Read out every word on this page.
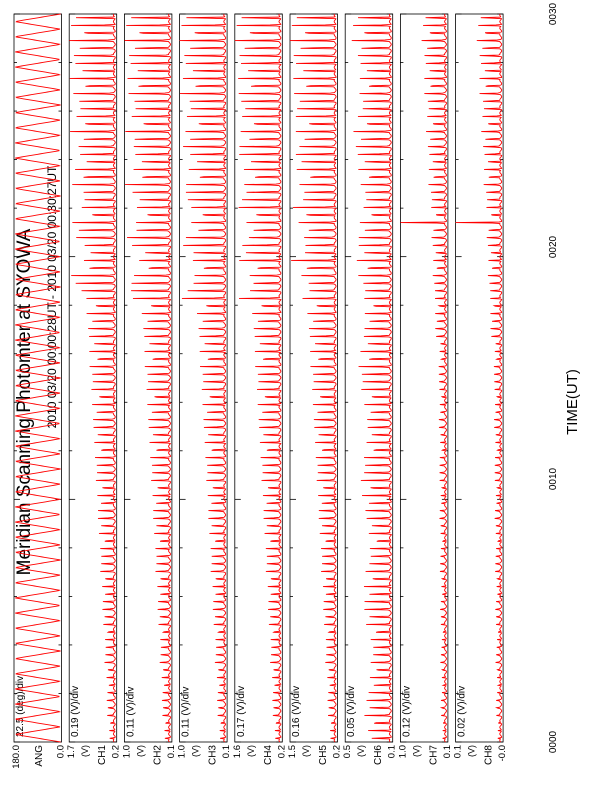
Meridian Scanning Photomter at SYOWA 2010 03/20 00:00:28UT - 2010 03/20 00:30:27UT	TIME(UT)
0000
0010
0020
0030
180.0	0.0
22.5 (deg)/div
ANG 1.7	0.2
0.19 (V)/div
(V) CH1 1.0	0.1
0.11 (V)/div
(V) CH2 1.0	0.1
0.11 (V)/div
(V) CH3 1.6	0.2
0.17 (V)/div
(V) CH4 1.5	0.2
0.16 (V)/div
(V) CH5 0.5	0.1
0.05 (V)/div
(V) CH6 1.0	0.1
0.12 (V)/div
(V) CH7 0.1	-0.0
0.02 (V)/div
(V) CH8
